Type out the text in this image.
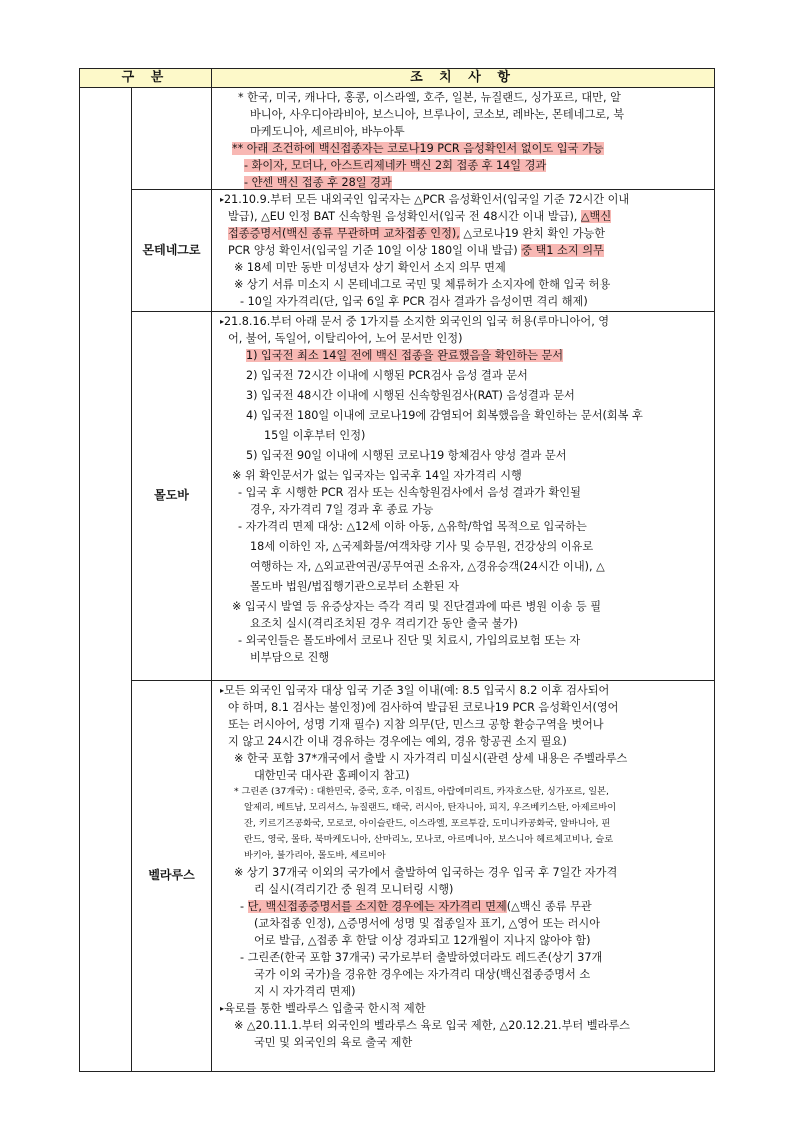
구 분	조 치 사 항
* 한국, 미국, 캐나다, 홍콩, 이스라엘, 호주, 일본, 뉴질랜드, 싱가포르, 대만, 알
바니아, 사우디아라비아, 보스니아, 브루나이, 코소보, 레바논, 몬테네그로, 북
마케도니아, 세르비아, 바누아투
** 아래 조건하에 백신접종자는 코로나19 PCR 음성확인서 없이도 입국 가능
- 화이자, 모더나, 아스트리제네카 백신 2회 접종 후 14일 경과
- 얀센 백신 접종 후 28일 경과
몬테네그로
▸21.10.9.부터 모든 내외국인 입국자는 △PCR 음성확인서(입국일 기준 72시간 이내
발급), △EU 인정 BAT 신속항원 음성확인서(입국 전 48시간 이내 발급), △백신
접종증명서(백신 종류 무관하며 교차접종 인정), △코로나19 완치 확인 가능한
PCR 양성 확인서(입국일 기준 10일 이상 180일 이내 발급) 중 택1 소지 의무
※ 18세 미만 동반 미성년자 상기 확인서 소지 의무 면제
※ 상기 서류 미소지 시 몬테네그로 국민 및 체류허가 소지자에 한해 입국 허용
- 10일 자가격리(단, 입국 6일 후 PCR 검사 결과가 음성이면 격리 해제)
몰도바
▸21.8.16.부터 아래 문서 중 1가지를 소지한 외국인의 입국 허용(루마니아어, 영
어, 불어, 독일어, 이탈리아어, 노어 문서만 인정)
1) 입국전 최소 14일 전에 백신 접종을 완료했음을 확인하는 문서
2) 입국전 72시간 이내에 시행된 PCR검사 음성 결과 문서
3) 입국전 48시간 이내에 시행된 신속항원검사(RAT) 음성결과 문서
4) 입국전 180일 이내에 코로나19에 감염되어 회복했음을 확인하는 문서(회복 후
15일 이후부터 인정)
5) 입국전 90일 이내에 시행된 코로나19 항체검사 양성 결과 문서
※ 위 확인문서가 없는 입국자는 입국후 14일 자가격리 시행
- 입국 후 시행한 PCR 검사 또는 신속항원검사에서 음성 결과가 확인될
경우, 자가격리 7일 경과 후 종료 가능
- 자가격리 면제 대상: △12세 이하 아동, △유학/학업 목적으로 입국하는
18세 이하인 자, △국제화물/여객차량 기사 및 승무원, 건강상의 이유로
여행하는 자, △외교관여권/공무여권 소유자, △경유승객(24시간 이내), △
몰도바 법원/법집행기관으로부터 소환된 자
※ 입국시 발열 등 유증상자는 즉각 격리 및 진단결과에 따른 병원 이송 등 필
요조치 실시(격리조치된 경우 격리기간 동안 출국 불가)
- 외국인들은 몰도바에서 코로나 진단 및 치료시, 가입의료보험 또는 자
비부담으로 진행
벨라루스
▸모든 외국인 입국자 대상 입국 기준 3일 이내(예: 8.5 입국시 8.2 이후 검사되어
야 하며, 8.1 검사는 불인정)에 검사하여 발급된 코로나19 PCR 음성확인서(영어
또는 러시아어, 성명 기재 필수) 지참 의무(단, 민스크 공항 환승구역을 벗어나
지 않고 24시간 이내 경유하는 경우에는 예외, 경유 항공권 소지 필요)
※ 한국 포함 37*개국에서 출발 시 자가격리 미실시(관련 상세 내용은 주벨라루스
대한민국 대사관 홈페이지 참고)
* 그린존 (37개국) : 대한민국, 중국, 호주, 이집트, 아랍에미리트, 카자흐스탄, 싱가포르, 일본,
알제리, 베트남, 모리셔스, 뉴질랜드, 태국, 러시아, 탄자니아, 피지, 우즈베키스탄, 아제르바이
잔, 키르기즈공화국, 모로코, 아이슬란드, 이스라엘, 포르투갈, 도미니카공화국, 알바니아, 핀
란드, 영국, 몰타, 북마케도니아, 산마리노, 모나코, 아르메니아, 보스니아 헤르체고비나, 슬로
바키아, 불가리아, 몰도바, 세르비아
※ 상기 37개국 이외의 국가에서 출발하여 입국하는 경우 입국 후 7일간 자가격
리 실시(격리기간 중 원격 모니터링 시행)
- 단, 백신접종증명서를 소지한 경우에는 자가격리 면제(△백신 종류 무관
(교차접종 인정), △증명서에 성명 및 접종일자 표기, △영어 또는 러시아
어로 발급, △접종 후 한달 이상 경과되고 12개월이 지나지 않아야 함)
- 그린존(한국 포함 37개국) 국가로부터 출발하였더라도 레드존(상기 37개
국가 이외 국가)을 경유한 경우에는 자가격리 대상(백신접종증명서 소
지 시 자가격리 면제)
▸육로를 통한 벨라루스 입출국 한시적 제한
※ △20.11.1.부터 외국인의 벨라루스 육로 입국 제한, △20.12.21.부터 벨라루스
국민 및 외국인의 육로 출국 제한
